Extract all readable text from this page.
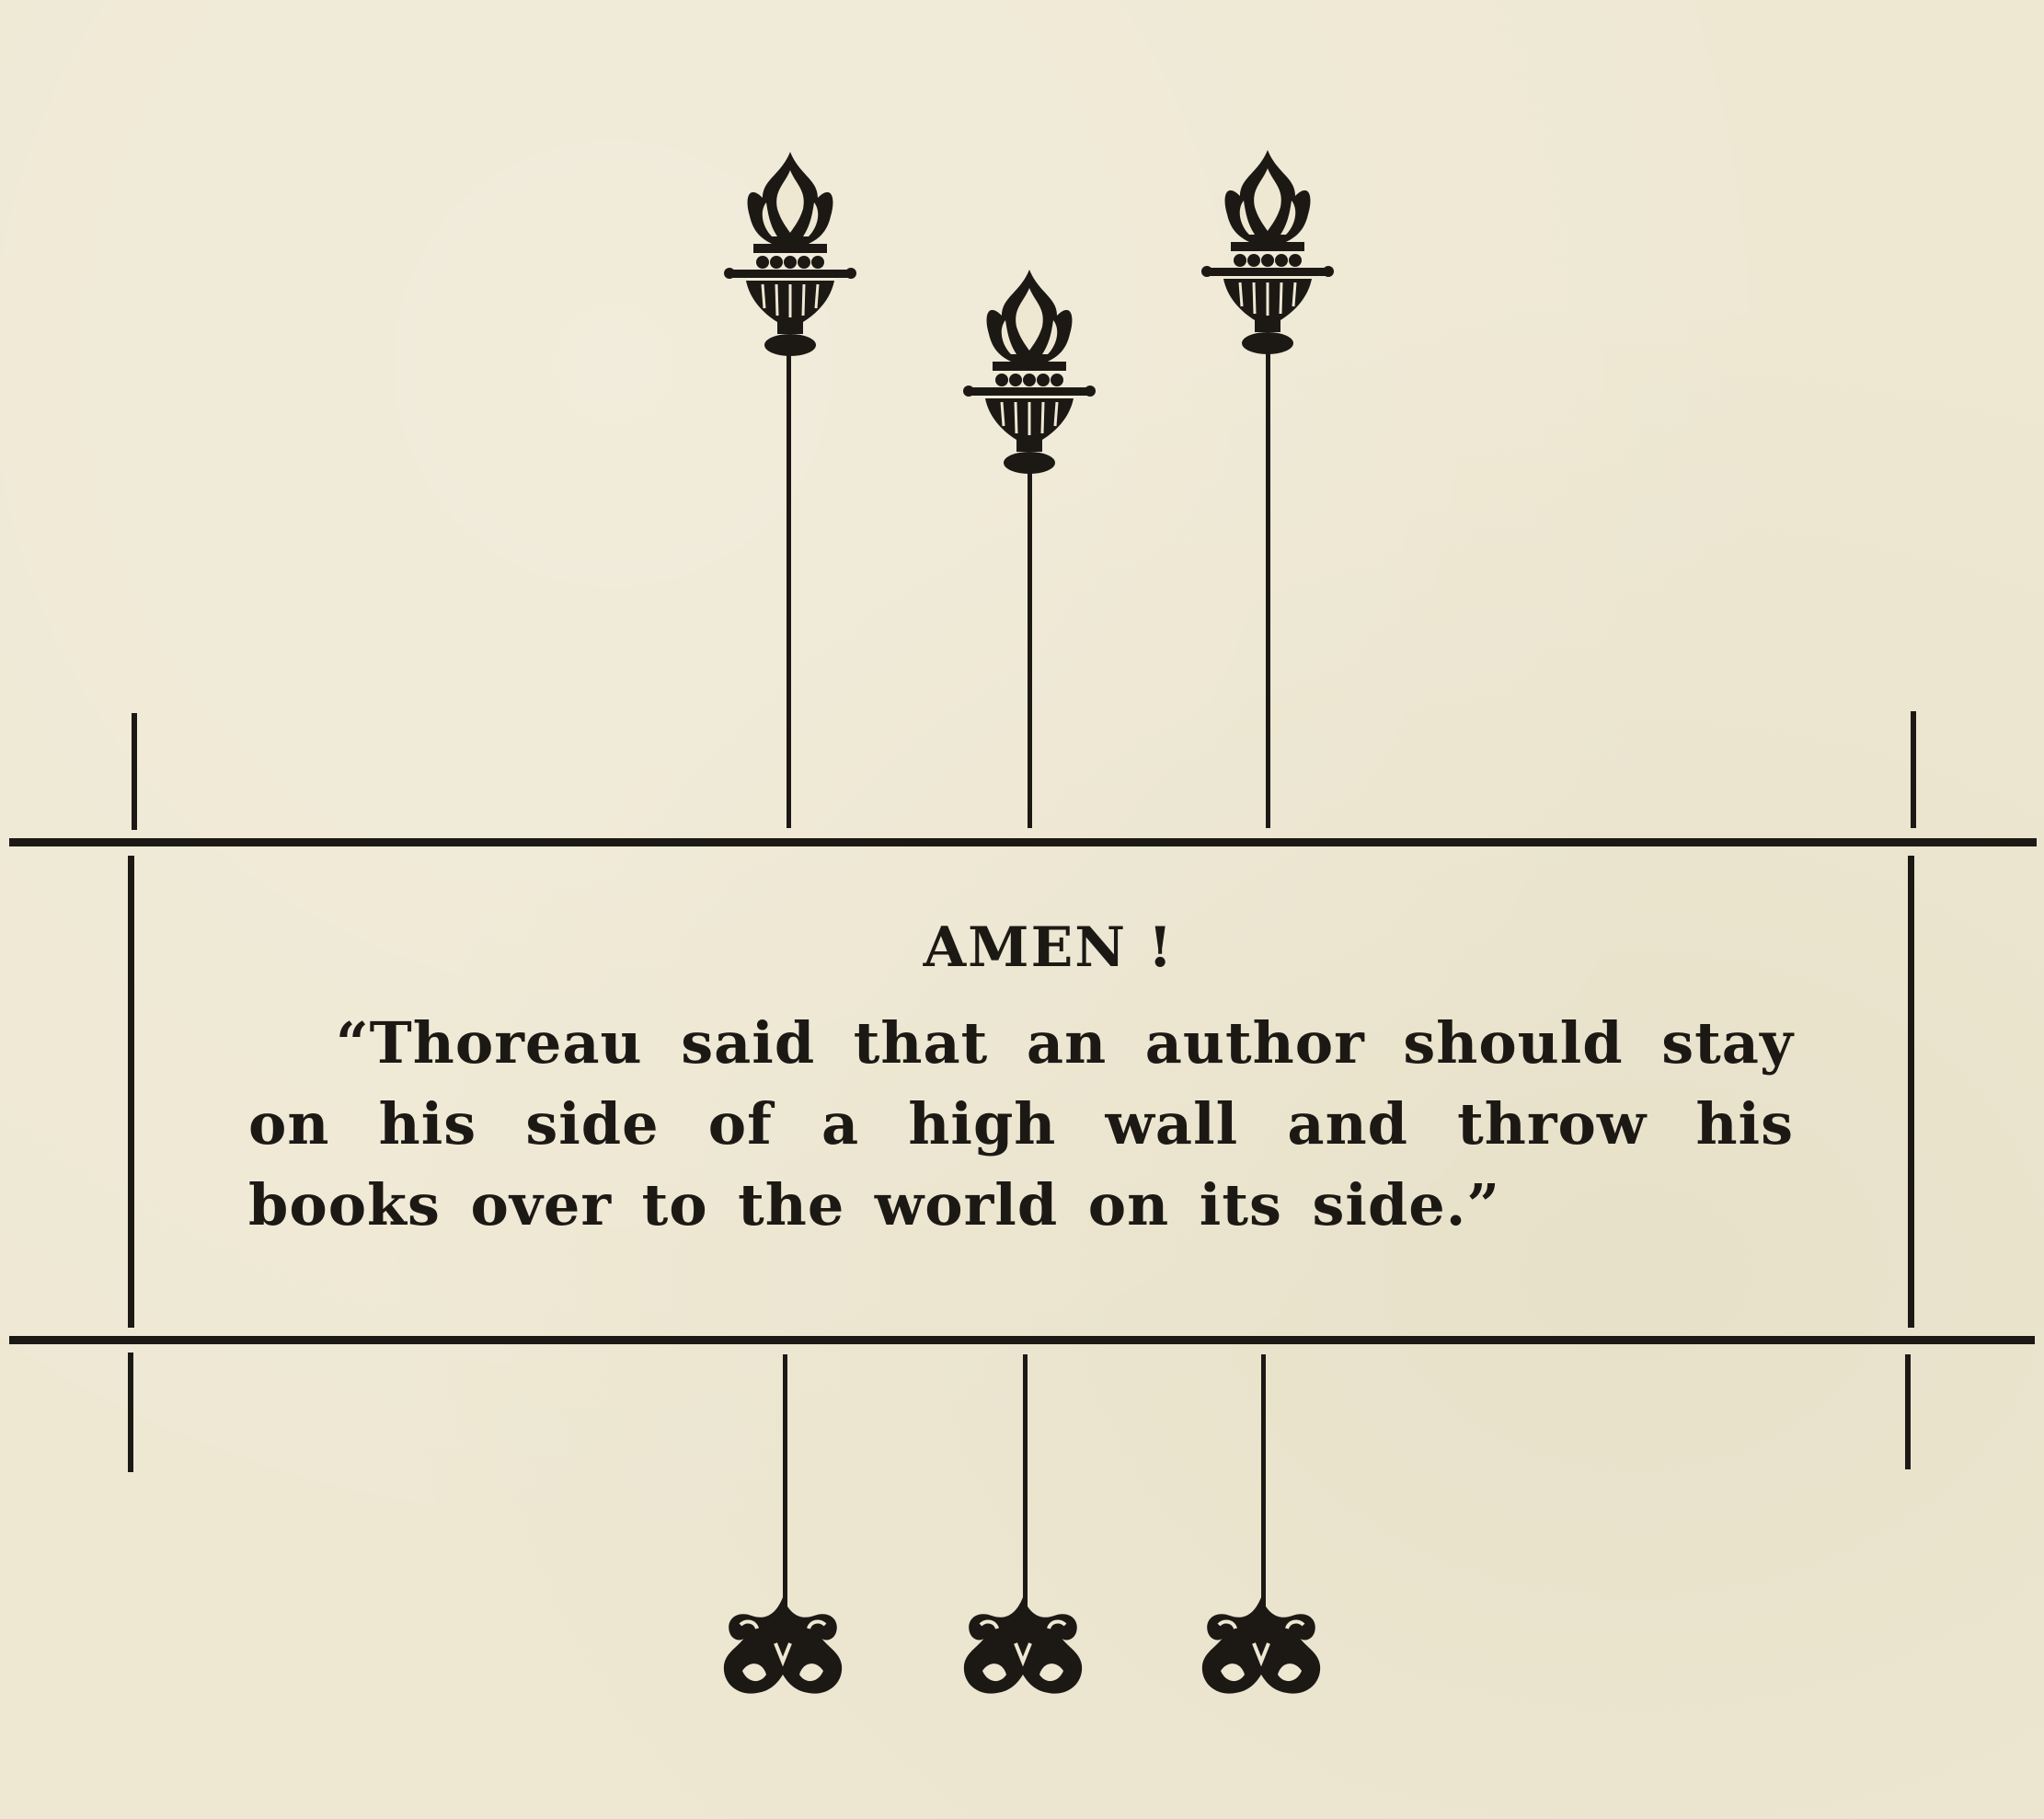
AMEN !

“Thoreau said that an author should stay on his side of a high wall and throw his books over to the world on its side.”
